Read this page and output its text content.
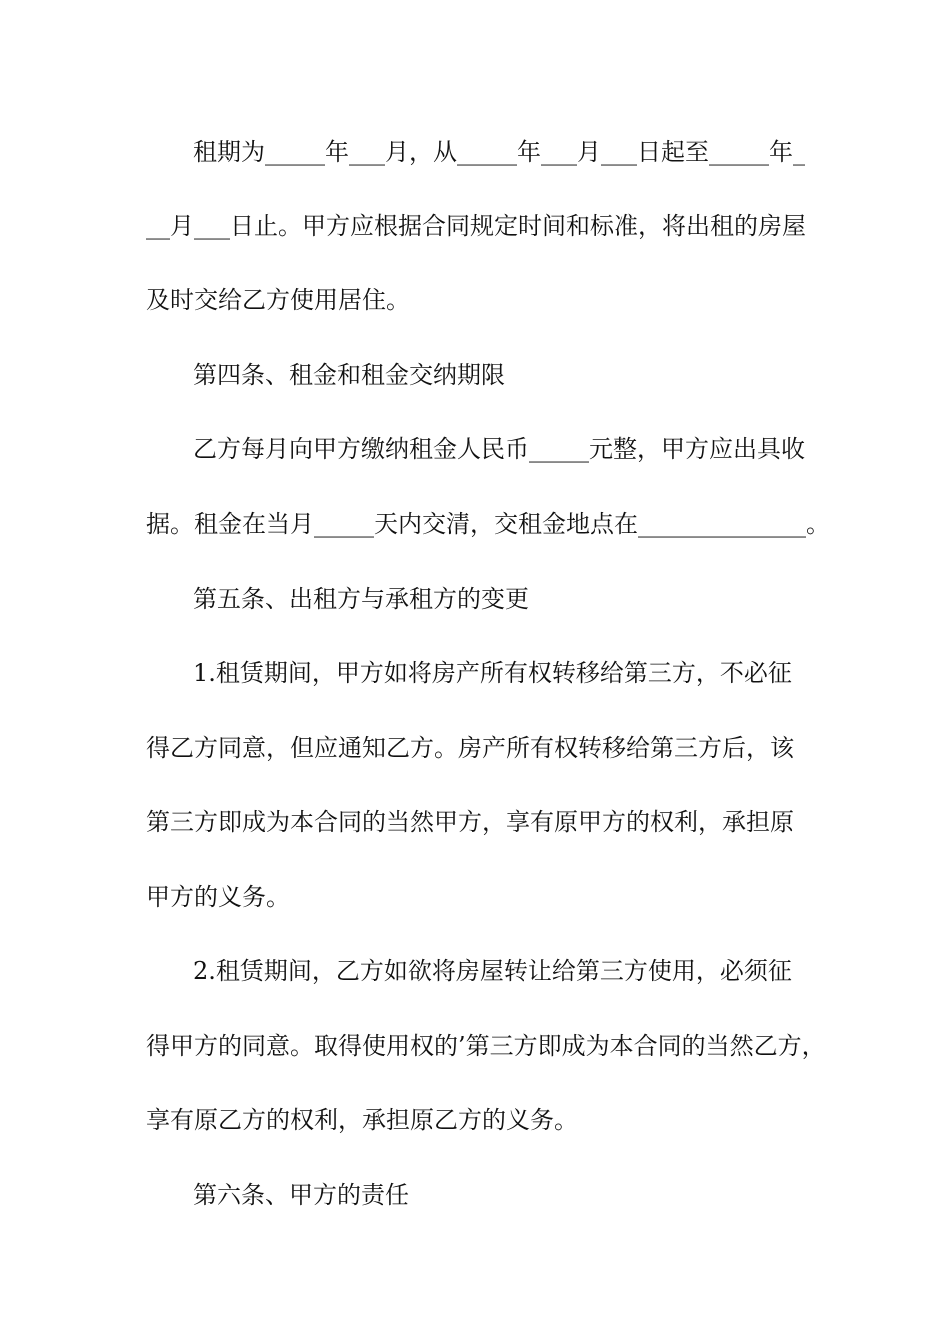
租期为_____年___月，从_____年___月___日起至_____年_
__月___日止。甲方应根据合同规定时间和标准，将出租的房屋
及时交给乙方使用居住。
第四条、租金和租金交纳期限
乙方每月向甲方缴纳租金人民币_____元整，甲方应出具收
据。租金在当月_____天内交清，交租金地点在______________。
第五条、出租方与承租方的变更
1.租赁期间，甲方如将房产所有权转移给第三方，不必征
得乙方同意，但应通知乙方。房产所有权转移给第三方后，该
第三方即成为本合同的当然甲方，享有原甲方的权利，承担原
甲方的义务。
2.租赁期间，乙方如欲将房屋转让给第三方使用，必须征
得甲方的同意。取得使用权的’第三方即成为本合同的当然乙方，
享有原乙方的权利，承担原乙方的义务。
第六条、甲方的责任
